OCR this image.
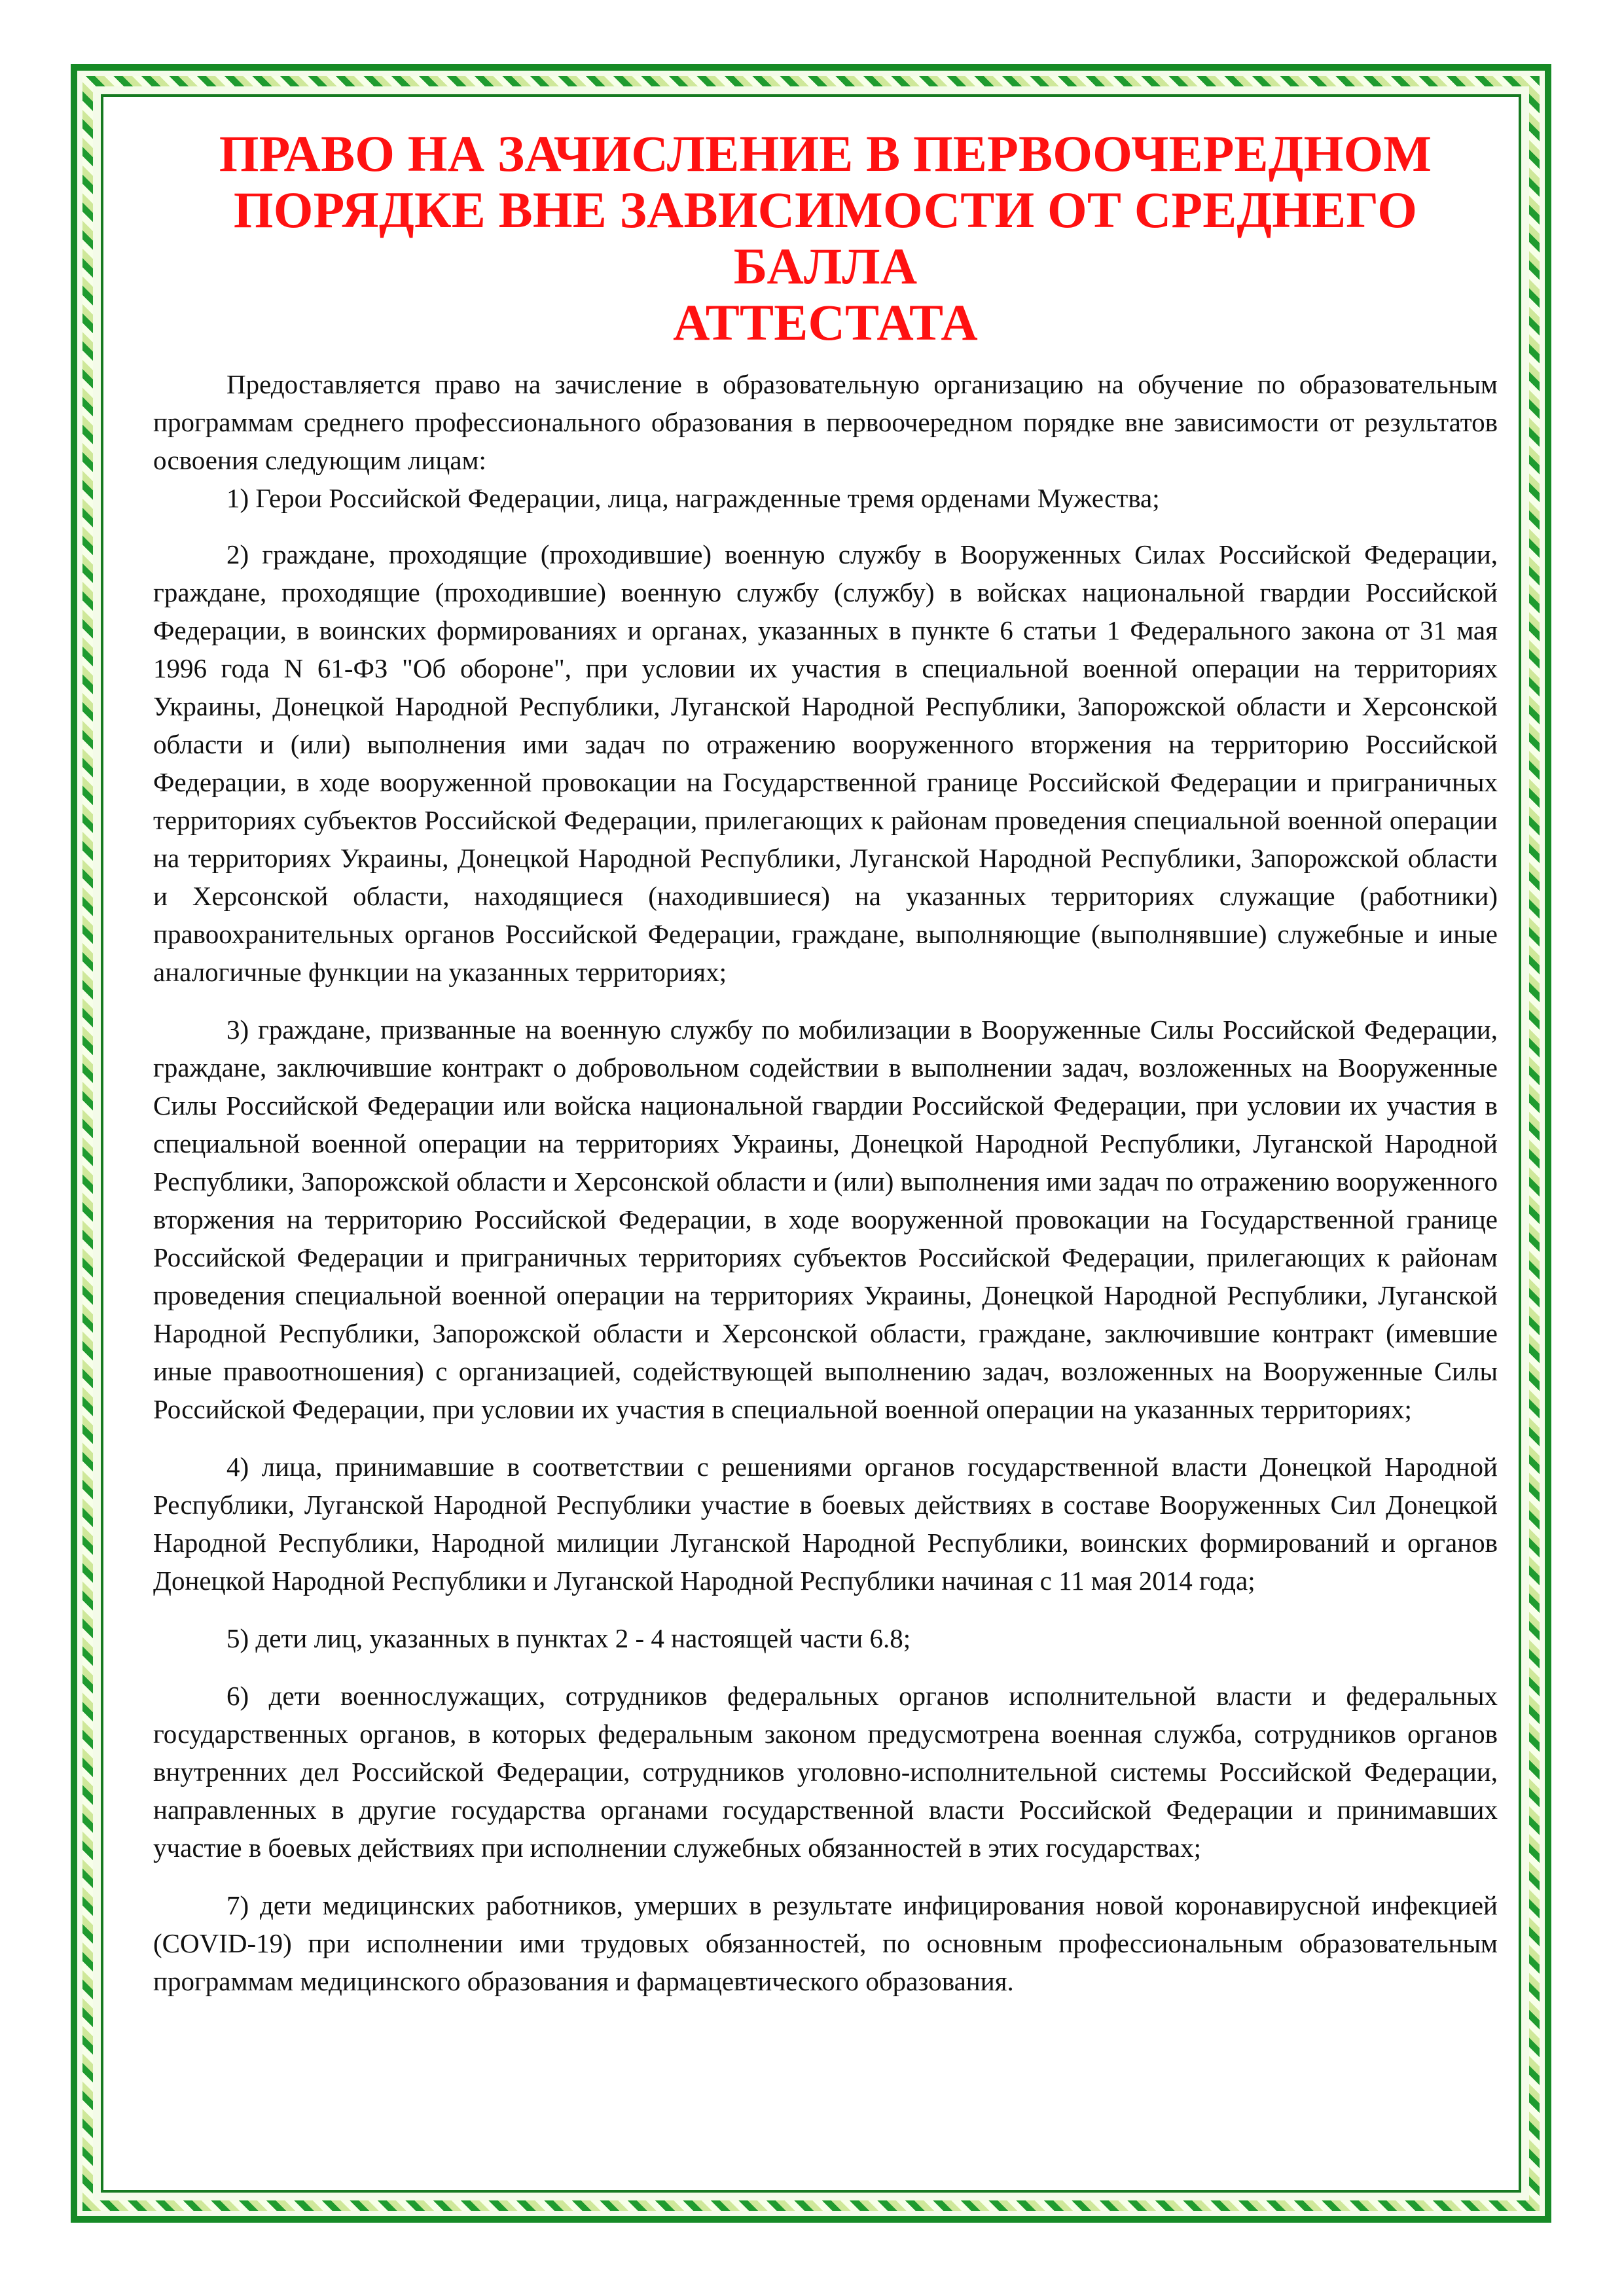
ПРАВО НА ЗАЧИСЛЕНИЕ В ПЕРВООЧЕРЕДНОМ
ПОРЯДКЕ ВНЕ ЗАВИСИМОСТИ ОТ СРЕДНЕГО БАЛЛА
АТТЕСТАТА

Предоставляется право на зачисление в образовательную организацию на обучение по образовательным программам среднего профессионального образования в первоочередном порядке вне зависимости от результатов освоения следующим лицам:

1) Герои Российской Федерации, лица, награжденные тремя орденами Мужества;

2) граждане, проходящие (проходившие) военную службу в Вооруженных Силах Российской Федерации, граждане, проходящие (проходившие) военную службу (службу) в войсках национальной гвардии Российской Федерации, в воинских формированиях и органах, указанных в пункте 6 статьи 1 Федерального закона от 31 мая 1996 года N 61-ФЗ "Об обороне", при условии их участия в специальной военной операции на территориях Украины, Донецкой Народной Республики, Луганской Народной Республики, Запорожской области и Херсонской области и (или) выполнения ими задач по отражению вооруженного вторжения на территорию Российской Федерации, в ходе вооруженной провокации на Государственной границе Российской Федерации и приграничных территориях субъектов Российской Федерации, прилегающих к районам проведения специальной военной операции на территориях Украины, Донецкой Народной Республики, Луганской Народной Республики, Запорожской области и Херсонской области, находящиеся (находившиеся) на указанных территориях служащие (работники) правоохранительных органов Российской Федерации, граждане, выполняющие (выполнявшие) служебные и иные аналогичные функции на указанных территориях;

3) граждане, призванные на военную службу по мобилизации в Вооруженные Силы Российской Федерации, граждане, заключившие контракт о добровольном содействии в выполнении задач, возложенных на Вооруженные Силы Российской Федерации или войска национальной гвардии Российской Федерации, при условии их участия в специальной военной операции на территориях Украины, Донецкой Народной Республики, Луганской Народной Республики, Запорожской области и Херсонской области и (или) выполнения ими задач по отражению вооруженного вторжения на территорию Российской Федерации, в ходе вооруженной провокации на Государственной границе Российской Федерации и приграничных территориях субъектов Российской Федерации, прилегающих к районам проведения специальной военной операции на территориях Украины, Донецкой Народной Республики, Луганской Народной Республики, Запорожской области и Херсонской области, граждане, заключившие контракт (имевшие иные правоотношения) с организацией, содействующей выполнению задач, возложенных на Вооруженные Силы Российской Федерации, при условии их участия в специальной военной операции на указанных территориях;

4) лица, принимавшие в соответствии с решениями органов государственной власти Донецкой Народной Республики, Луганской Народной Республики участие в боевых действиях в составе Вооруженных Сил Донецкой Народной Республики, Народной милиции Луганской Народной Республики, воинских формирований и органов Донецкой Народной Республики и Луганской Народной Республики начиная с 11 мая 2014 года;

5) дети лиц, указанных в пунктах 2 - 4 настоящей части 6.8;

6) дети военнослужащих, сотрудников федеральных органов исполнительной власти и федеральных государственных органов, в которых федеральным законом предусмотрена военная служба, сотрудников органов внутренних дел Российской Федерации, сотрудников уголовно-исполнительной системы Российской Федерации, направленных в другие государства органами государственной власти Российской Федерации и принимавших участие в боевых действиях при исполнении служебных обязанностей в этих государствах;

7) дети медицинских работников, умерших в результате инфицирования новой коронавирусной инфекцией (COVID-19) при исполнении ими трудовых обязанностей, по основным профессиональным образовательным программам медицинского образования и фармацевтического образования.
